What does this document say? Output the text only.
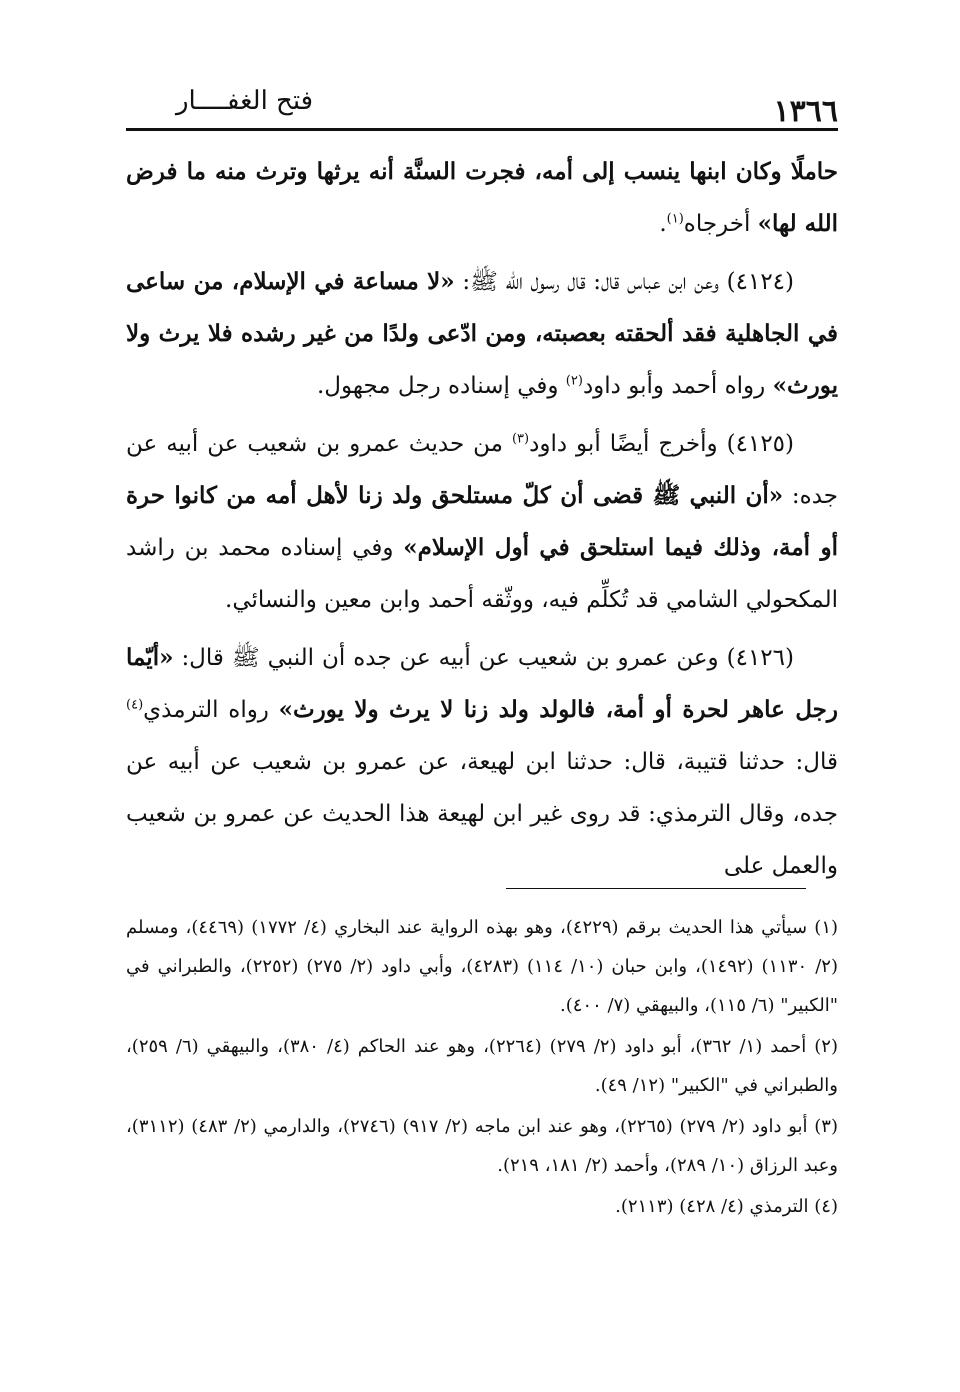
١٣٦٦
فتح الغفــــار

حاملًا وكان ابنها ينسب إلى أمه، فجرت السنَّة أنه يرثها وترث منه ما فرض الله لها» أخرجاه$^{(١)}$.

(٤١٢٤) وعن ابن عباس قال: قال رسول الله ﷺ: «لا مساعة في الإسلام، من ساعى في الجاهلية فقد ألحقته بعصبته، ومن ادّعى ولدًا من غير رشده فلا يرث ولا يورث» رواه أحمد وأبو داود$^{(٢)}$ وفي إسناده رجل مجهول.

(٤١٢٥) وأخرج أيضًا أبو داود$^{(٣)}$ من حديث عمرو بن شعيب عن أبيه عن جده: «أن النبي ﷺ قضى أن كلّ مستلحق ولد زنا لأهل أمه من كانوا حرة أو أمة، وذلك فيما استلحق في أول الإسلام» وفي إسناده محمد بن راشد المكحولي الشامي قد تُكلِّم فيه، ووثّقه أحمد وابن معين والنسائي.

(٤١٢٦) وعن عمرو بن شعيب عن أبيه عن جده أن النبي ﷺ قال: «أيّما رجل عاهر لحرة أو أمة، فالولد ولد زنا لا يرث ولا يورث» رواه الترمذي$^{(٤)}$ قال: حدثنا قتيبة، قال: حدثنا ابن لهيعة، عن عمرو بن شعيب عن أبيه عن جده، وقال الترمذي: قد روى غير ابن لهيعة هذا الحديث عن عمرو بن شعيب والعمل على

(١) سيأتي هذا الحديث برقم (٤٢٢٩)، وهو بهذه الرواية عند البخاري (٤/ ١٧٧٢) (٤٤٦٩)، ومسلم (٢/ ١١٣٠) (١٤٩٢)، وابن حبان (١٠/ ١١٤) (٤٢٨٣)، وأبي داود (٢/ ٢٧٥) (٢٢٥٢)، والطبراني في "الكبير" (٦/ ١١٥)، والبيهقي (٧/ ٤٠٠).

(٢) أحمد (١/ ٣٦٢)، أبو داود (٢/ ٢٧٩) (٢٢٦٤)، وهو عند الحاكم (٤/ ٣٨٠)، والبيهقي (٦/ ٢٥٩)، والطبراني في "الكبير" (١٢/ ٤٩).

(٣) أبو داود (٢/ ٢٧٩) (٢٢٦٥)، وهو عند ابن ماجه (٢/ ٩١٧) (٢٧٤٦)، والدارمي (٢/ ٤٨٣) (٣١١٢)، وعبد الرزاق (١٠/ ٢٨٩)، وأحمد (٢/ ١٨١، ٢١٩).

(٤) الترمذي (٤/ ٤٢٨) (٢١١٣).
